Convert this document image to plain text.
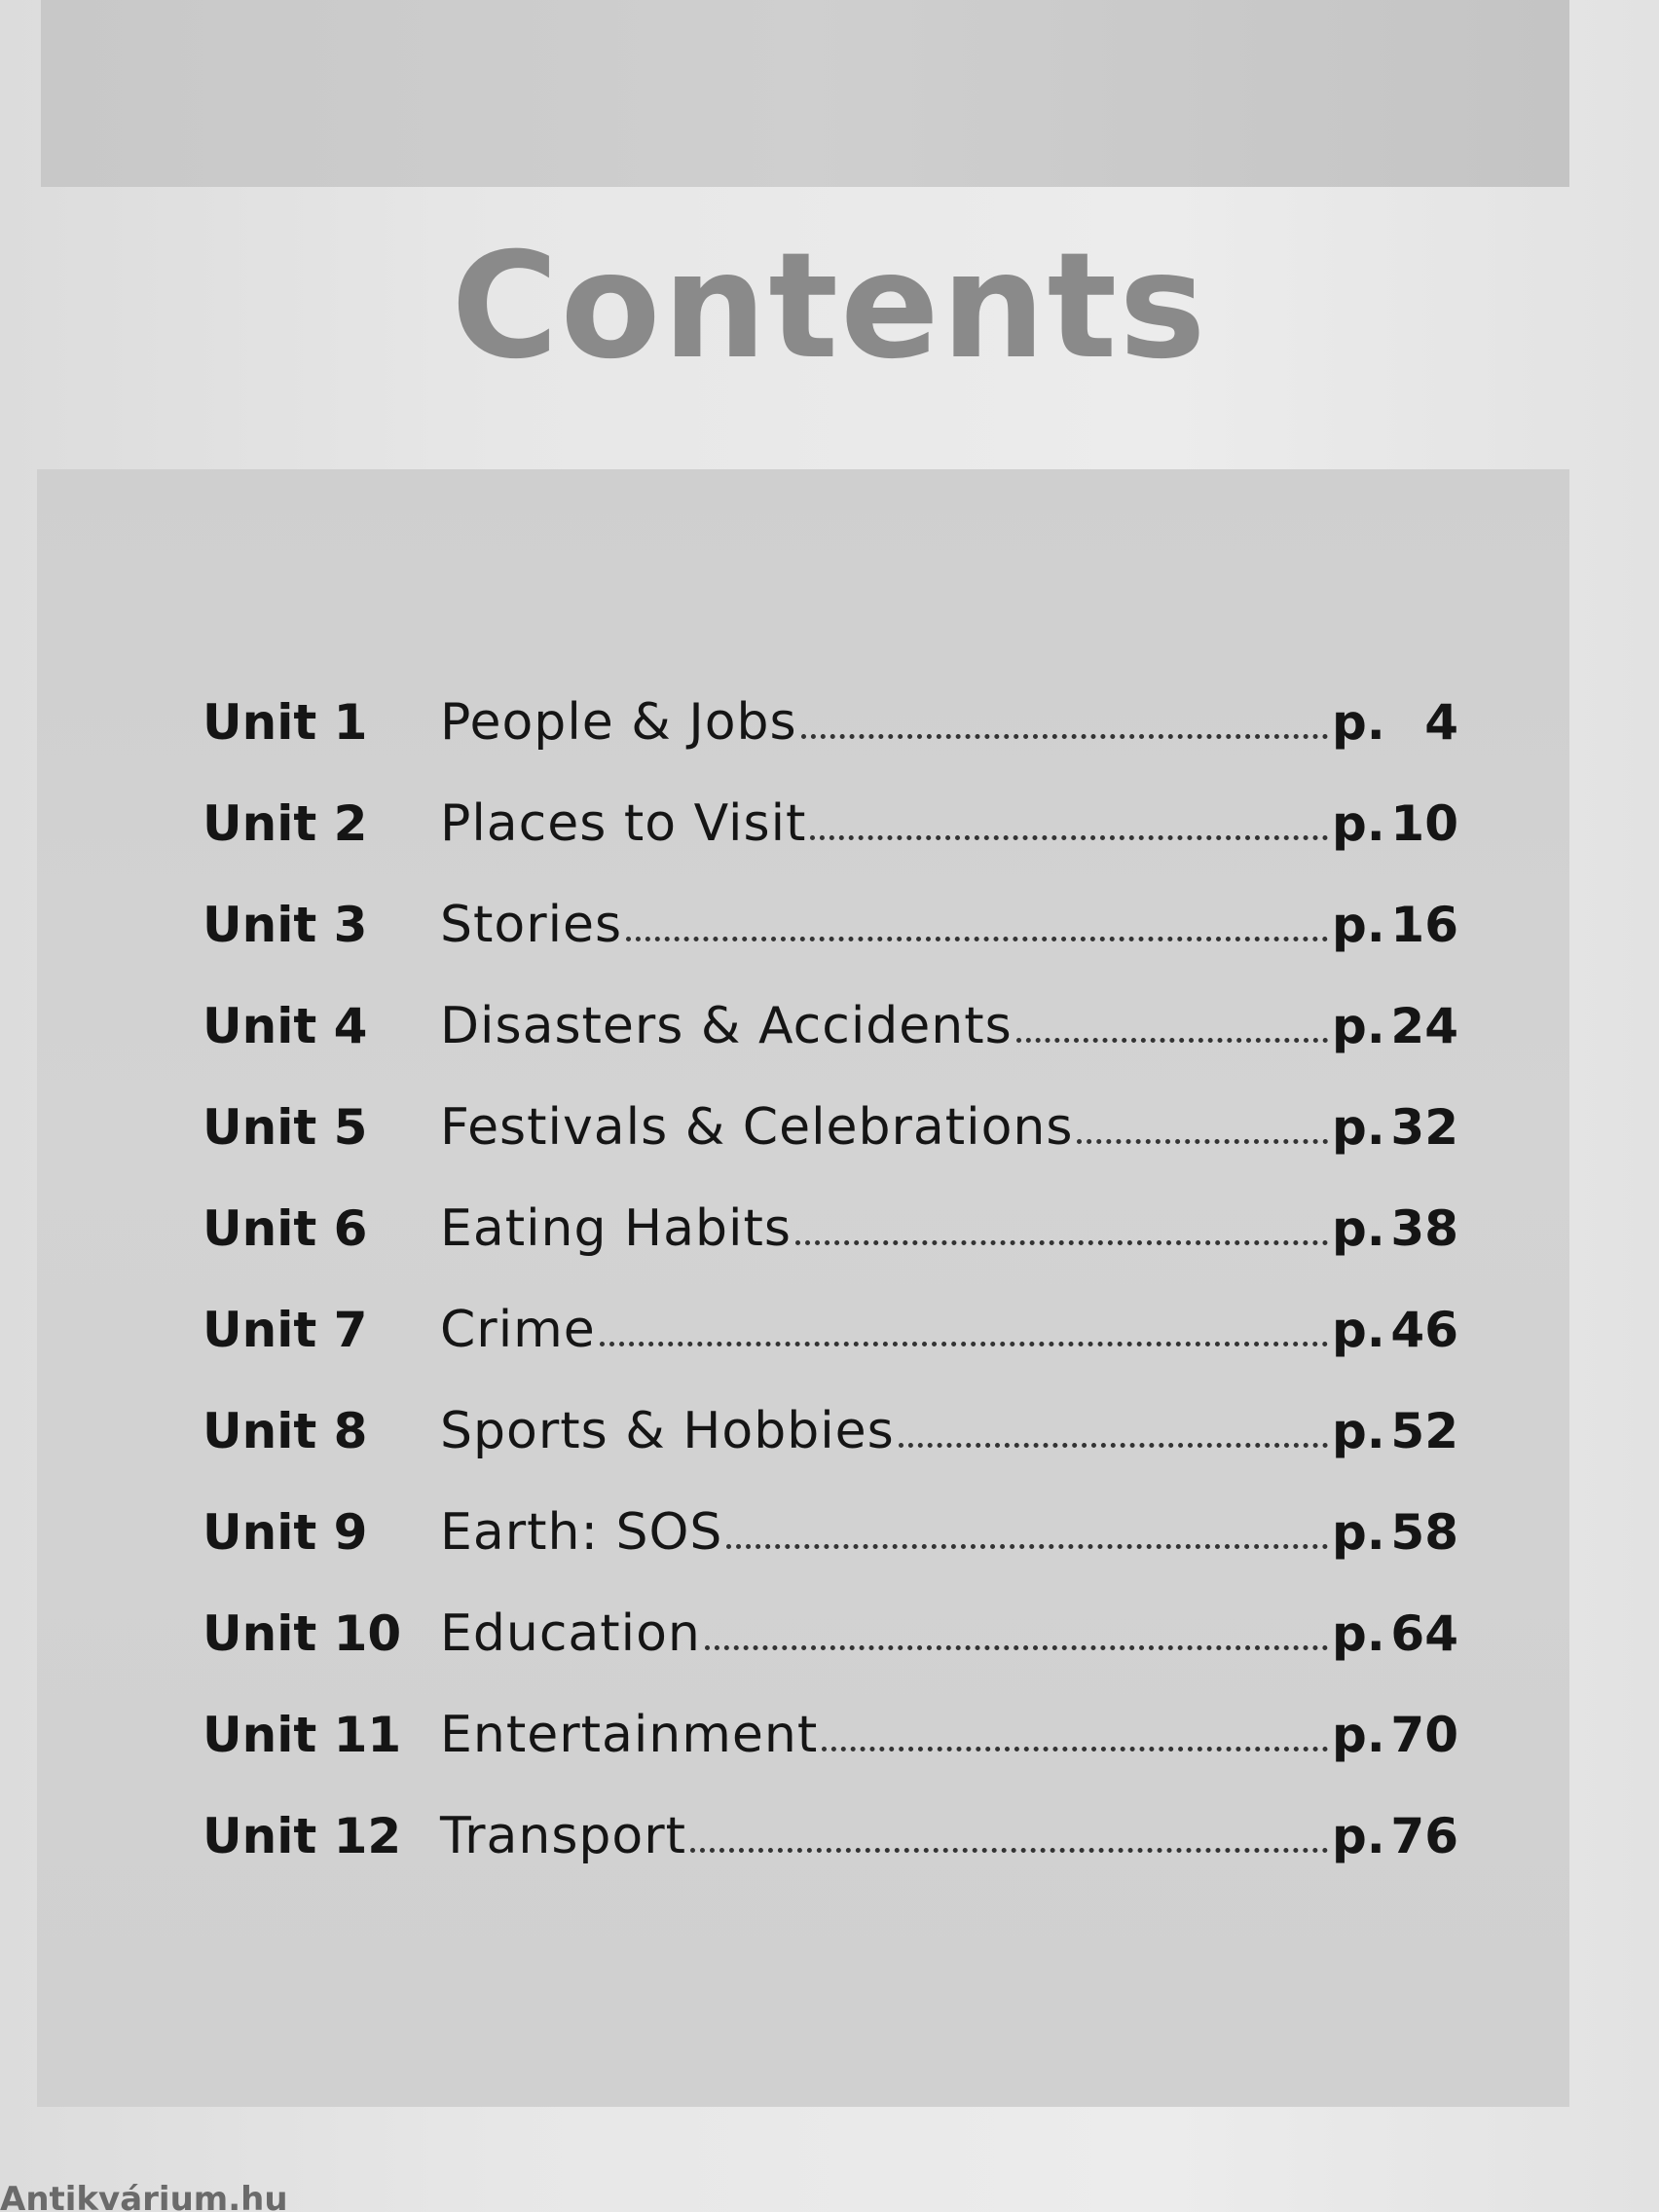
Contents
Unit 1	People & Jobs	p. 4
Unit 2	Places to Visit	p. 10
Unit 3	Stories	p. 16
Unit 4	Disasters & Accidents	p. 24
Unit 5	Festivals & Celebrations	p. 32
Unit 6	Eating Habits	p. 38
Unit 7	Crime	p. 46
Unit 8	Sports & Hobbies	p. 52
Unit 9	Earth: SOS	p. 58
Unit 10 Education	p. 64
Unit 11 Entertainment	p. 70
Unit 12 Transport	p. 76
Antikvárium.hu
